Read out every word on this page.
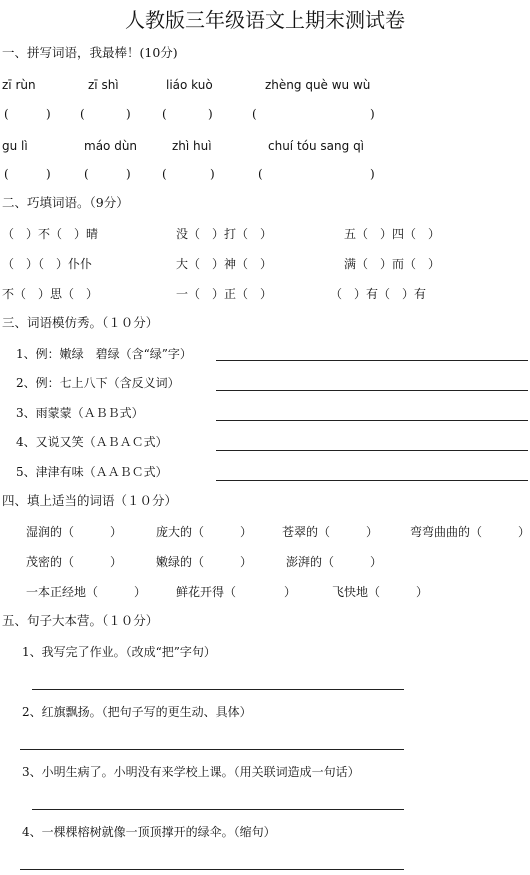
人教版三年级语文上期末测试卷
一、拼写词语，我最棒！(10分)
zī rùn	zī shì	liáo kuò	zhèng què wu wù
(	) (	)	(	)	(	)
gu lì	máo dùn	zhì huì	chuí tóu sang qì
(	)	(	)	(	)	(	)
二、巧填词语。（9分）
（　）不（　）晴	没（　）打（　）	五（　）四（　）
（　）（　）仆仆	大（　）神（　）	满（　）而（　）
不（　）思（　）	一（　）正（　）	（　）有（　）有
三、词语模仿秀。（１０分）
1、例：嫩绿　碧绿（含“绿”字）
2、例：七上八下（含反义词）
3、雨蒙蒙（ＡＢＢ式）
4、又说又笑（ＡＢＡＣ式）
5、津津有味（ＡＡＢＣ式）
四、填上适当的词语（１０分）
湿润的（　　　）	庞大的（　　　） 苍翠的（　　　）	弯弯曲曲的（　　　）
茂密的（　　　）	嫩绿的（　　　）	澎湃的（　　　）
一本正经地（　　　） 鲜花开得（　　　　）	飞快地（　　　）
五、句子大本营。（１０分）
1、我写完了作业。（改成“把”字句）
2、红旗飘扬。（把句子写的更生动、具体）
3、小明生病了。小明没有来学校上课。（用关联词造成一句话）
4、一棵棵榕树就像一顶顶撑开的绿伞。（缩句）
